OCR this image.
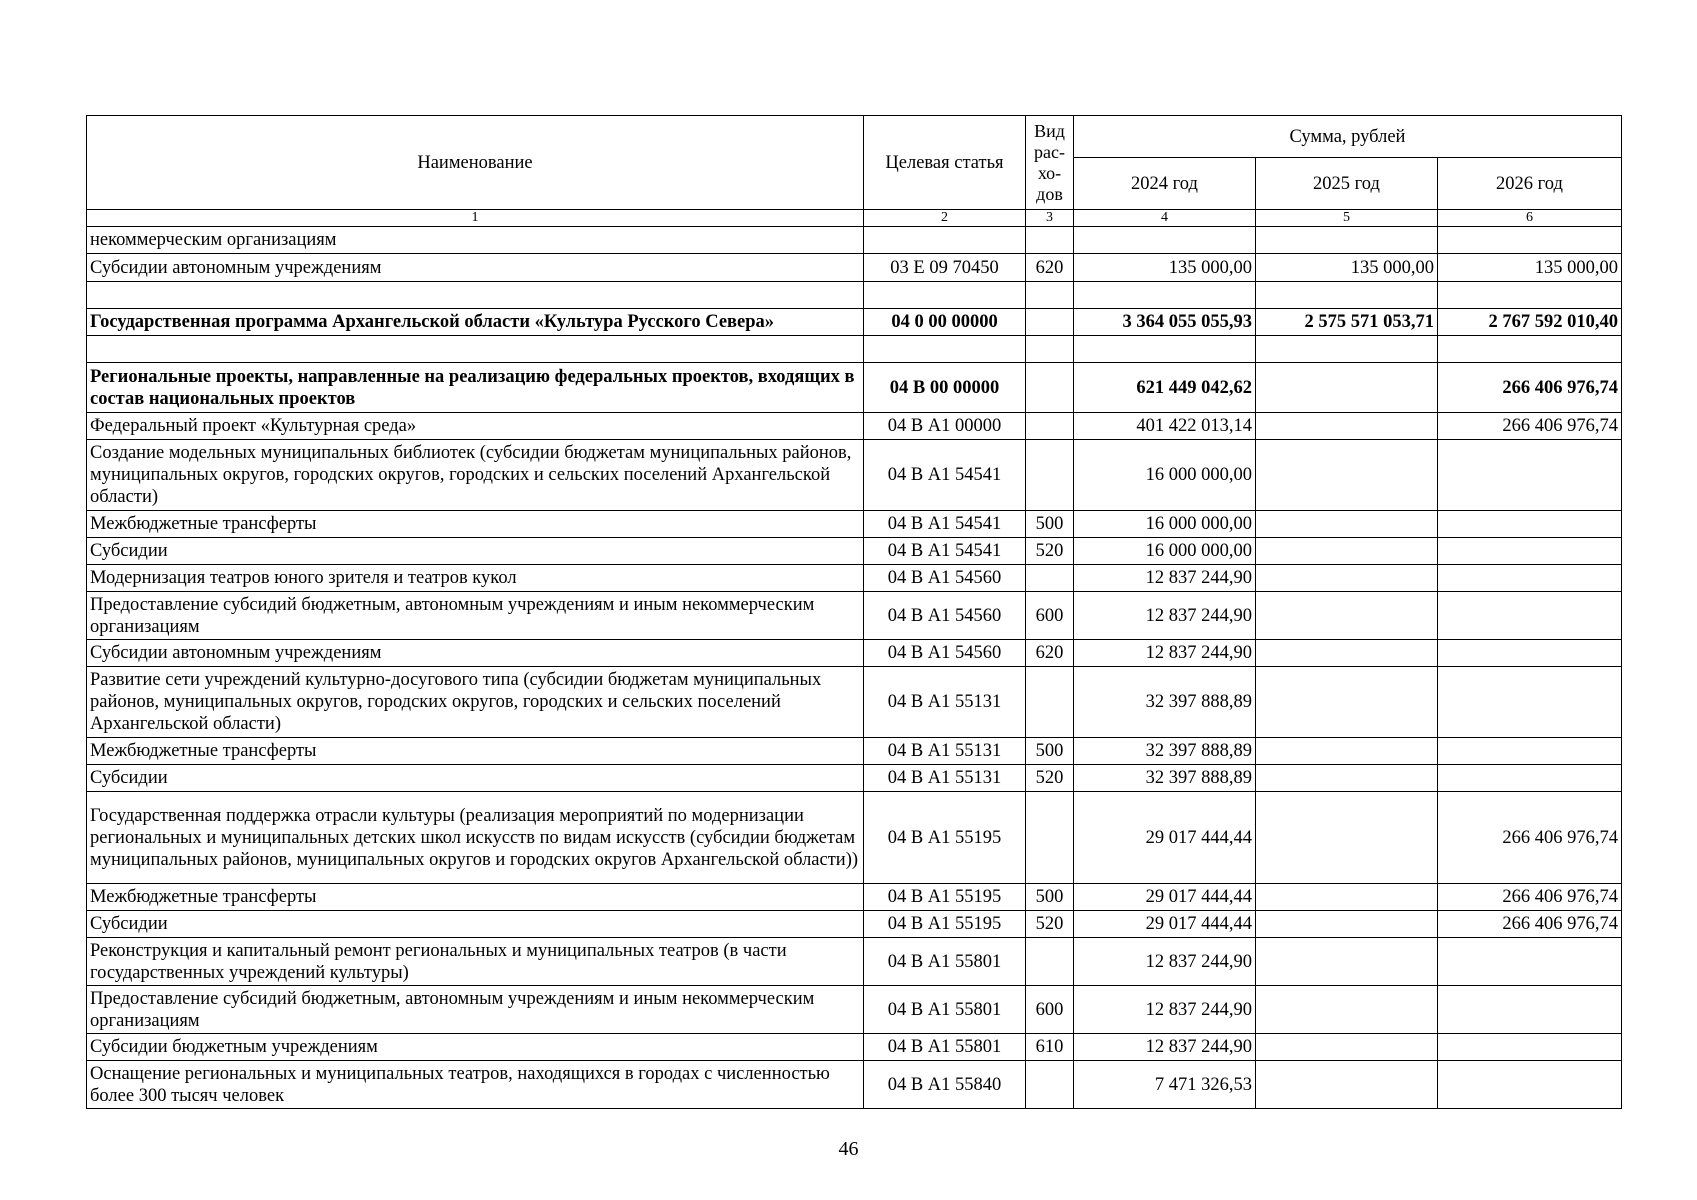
Наименование	Целевая статья	Вид
рас-
хо-
дов	Сумма, рублей		
			2024 год	2025 год	2026 год
1	2	3	4	5	6
некоммерческим организациям					
Субсидии автономным учреждениям	03 Е 09 70450	620	135 000,00	135 000,00	135 000,00

Государственная программа Архангельской области «Культура Русского Севера»	04 0 00 00000		3 364 055 055,93	2 575 571 053,71	2 767 592 010,40

Региональные проекты, направленные на реализацию федеральных проектов, входящих в состав национальных проектов	04 В 00 00000		621 449 042,62		266 406 976,74
Федеральный проект «Культурная среда»	04 В А1 00000		401 422 013,14		266 406 976,74
Создание модельных муниципальных библиотек (субсидии бюджетам муниципальных районов, муниципальных округов, городских округов, городских и сельских поселений Архангельской области)	04 В А1 54541		16 000 000,00		
Межбюджетные трансферты	04 В А1 54541	500	16 000 000,00		
Субсидии	04 В А1 54541	520	16 000 000,00		
Модернизация театров юного зрителя и театров кукол	04 В А1 54560		12 837 244,90		
Предоставление субсидий бюджетным, автономным учреждениям и иным некоммерческим организациям	04 В А1 54560	600	12 837 244,90		
Субсидии автономным учреждениям	04 В А1 54560	620	12 837 244,90		
Развитие сети учреждений культурно-досугового типа (субсидии бюджетам муниципальных районов, муниципальных округов, городских округов, городских и сельских поселений Архангельской области)	04 В А1 55131		32 397 888,89		
Межбюджетные трансферты	04 В А1 55131	500	32 397 888,89		
Субсидии	04 В А1 55131	520	32 397 888,89		
Государственная поддержка отрасли культуры (реализация мероприятий по модернизации региональных и муниципальных детских школ искусств по видам искусств (субсидии бюджетам муниципальных районов, муниципальных округов и городских округов Архангельской области))	04 В А1 55195		29 017 444,44		266 406 976,74
Межбюджетные трансферты	04 В А1 55195	500	29 017 444,44		266 406 976,74
Субсидии	04 В А1 55195	520	29 017 444,44		266 406 976,74
Реконструкция и капитальный ремонт региональных и муниципальных театров (в части государственных учреждений культуры)	04 В А1 55801		12 837 244,90		
Предоставление субсидий бюджетным, автономным учреждениям и иным некоммерческим организациям	04 В А1 55801	600	12 837 244,90		
Субсидии бюджетным учреждениям	04 В А1 55801	610	12 837 244,90		
Оснащение региональных и муниципальных театров, находящихся в городах с численностью более 300 тысяч человек	04 В А1 55840		7 471 326,53		
46
